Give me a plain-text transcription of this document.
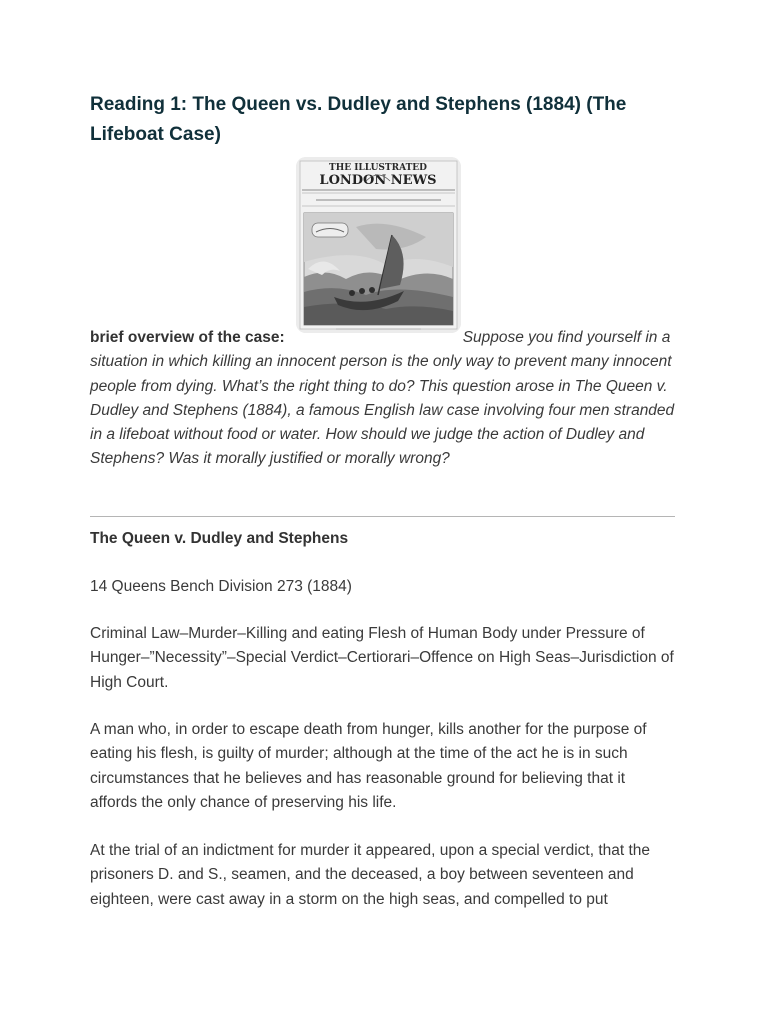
Reading 1: The Queen vs. Dudley and Stephens (1884) (The Lifeboat Case)
THE ILLUSTRATED
LONDON NEWS

brief overview of the case:	Suppose you find yourself in a situation in which killing an innocent person is the only way to prevent many innocent people from dying. What’s the right thing to do? This question arose in The Queen v. Dudley and Stephens (1884), a famous English law case involving four men stranded in a lifeboat without food or water. How should we judge the action of Dudley and Stephens? Was it morally justified or morally wrong?

The Queen v. Dudley and Stephens

14 Queens Bench Division 273 (1884)

Criminal Law–Murder–Killing and eating Flesh of Human Body under Pressure of Hunger–”Necessity”–Special Verdict–Certiorari–Offence on High Seas–Jurisdiction of High Court.

A man who, in order to escape death from hunger, kills another for the purpose of eating his flesh, is guilty of murder; although at the time of the act he is in such circumstances that he believes and has reasonable ground for believing that it affords the only chance of preserving his life.

At the trial of an indictment for murder it appeared, upon a special verdict, that the prisoners D. and S., seamen, and the deceased, a boy between seventeen and eighteen, were cast away in a storm on the high seas, and compelled to put
